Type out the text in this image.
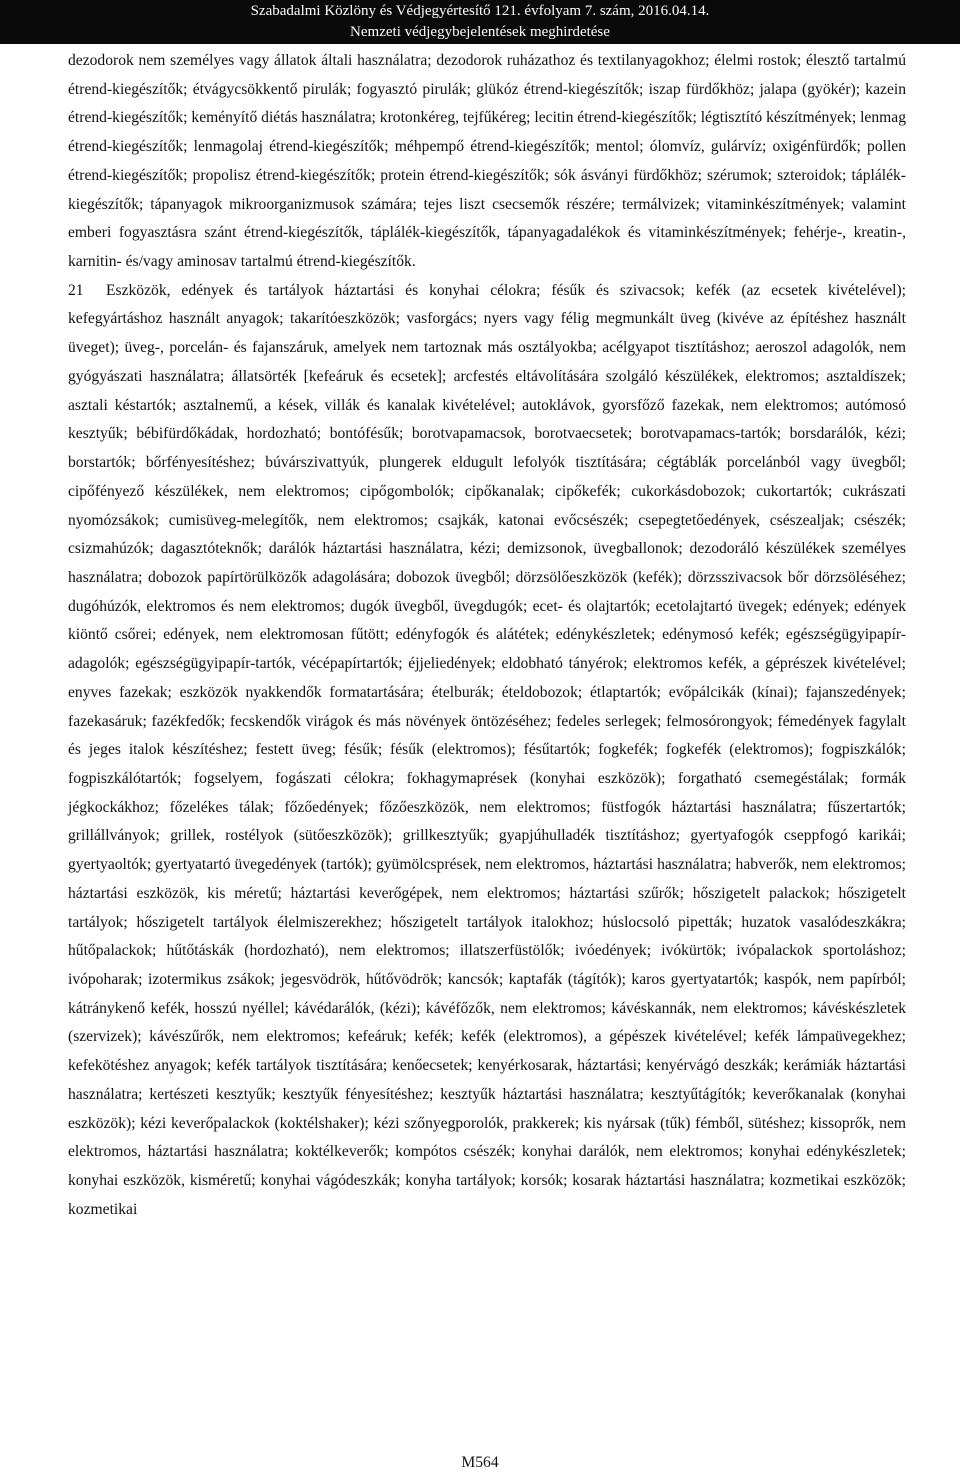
Szabadalmi Közlöny és Védjegyértesítő 121. évfolyam 7. szám, 2016.04.14.
Nemzeti védjegybejelentések meghirdetése

dezodorok nem személyes vagy állatok általi használatra; dezodorok ruházathoz és textilanyagokhoz; élelmi rostok; élesztő tartalmú étrend-kiegészítők; étvágycsökkentő pirulák; fogyasztó pirulák; glükóz étrend-kiegészítők; iszap fürdőkhöz; jalapa (gyökér); kazein étrend-kiegészítők; keményítő diétás használatra; krotonkéreg, tejfűkéreg; lecitin étrend-kiegészítők; légtisztító készítmények; lenmag étrend-kiegészítők; lenmagolaj étrend-kiegészítők; méhpempő étrend-kiegészítők; mentol; ólomvíz, gulárvíz; oxigénfürdők; pollen étrend-kiegészítők; propolisz étrend-kiegészítők; protein étrend-kiegészítők; sók ásványi fürdőkhöz; szérumok; szteroidok; táplálék-kiegészítők; tápanyagok mikroorganizmusok számára; tejes liszt csecsemők részére; termálvizek; vitaminkészítmények; valamint emberi fogyasztásra szánt étrend-kiegészítők, táplálék-kiegészítők, tápanyagadalékok és vitaminkészítmények; fehérje-, kreatin-, karnitin- és/vagy aminosav tartalmú étrend-kiegészítők.

21 Eszközök, edények és tartályok háztartási és konyhai célokra; fésűk és szivacsok; kefék (az ecsetek kivételével); kefegyártáshoz használt anyagok; takarítóeszközök; vasforgács; nyers vagy félig megmunkált üveg (kivéve az építéshez használt üveget); üveg-, porcelán- és fajanszáruk, amelyek nem tartoznak más osztályokba; acélgyapot tisztításhoz; aeroszol adagolók, nem gyógyászati használatra; állatsörték [kefeáruk és ecsetek]; arcfestés eltávolítására szolgáló készülékek, elektromos; asztaldíszek; asztali késtartók; asztalnemű, a kések, villák és kanalak kivételével; autoklávok, gyorsfőző fazekak, nem elektromos; autómosó kesztyűk; bébifürdőkádak, hordozható; bontófésűk; borotvapamacsok, borotvaecsetek; borotvapamacs-tartók; borsdarálók, kézi; borstartók; bőrfényesítéshez; búvárszivattyúk, plungerek eldugult lefolyók tisztítására; cégtáblák porcelánból vagy üvegből; cipőfényező készülékek, nem elektromos; cipőgombolók; cipőkanalak; cipőkefék; cukorkásdobozok; cukortartók; cukrászati nyomózsákok; cumisüveg-melegítők, nem elektromos; csajkák, katonai evőcsészék; csepegtetőedények, csészealjak; csészék; csizmahúzók; dagasztóteknők; darálók háztartási használatra, kézi; demizsonok, üvegballonok; dezodoráló készülékek személyes használatra; dobozok papírtörülközők adagolására; dobozok üvegből; dörzsölőeszközök (kefék); dörzsszivacsok bőr dörzsöléséhez; dugóhúzók, elektromos és nem elektromos; dugók üvegből, üvegdugók; ecet- és olajtartók; ecetolajtartó üvegek; edények; edények kiöntő csőrei; edények, nem elektromosan fűtött; edényfogók és alátétek; edénykészletek; edénymosó kefék; egészségügyipapír-adagolók; egészségügyipapír-tartók, vécépapírtartók; éjjeliedények; eldobható tányérok; elektromos kefék, a géprészek kivételével; enyves fazekak; eszközök nyakkendők formatartására; ételburák; ételdobozok; étlaptartók; evőpálcikák (kínai); fajanszedények; fazekasáruk; fazékfedők; fecskendők virágok és más növények öntözéséhez; fedeles serlegek; felmosórongyok; fémedények fagylalt és jeges italok készítéshez; festett üveg; fésűk; fésűk (elektromos); fésűtartók; fogkefék; fogkefék (elektromos); fogpiszkálók; fogpiszkálótartók; fogselyem, fogászati célokra; fokhagymaprések (konyhai eszközök); forgatható csemegéstálak; formák jégkockákhoz; főzelékes tálak; főzőedények; főzőeszközök, nem elektromos; füstfogók háztartási használatra; fűszertartók; grillállványok; grillek, rostélyok (sütőeszközök); grillkesztyűk; gyapjúhulladék tisztításhoz; gyertyafogók cseppfogó karikái; gyertyaoltók; gyertyatartó üvegedények (tartók); gyümölcsprések, nem elektromos, háztartási használatra; habverők, nem elektromos; háztartási eszközök, kis méretű; háztartási keverőgépek, nem elektromos; háztartási szűrők; hőszigetelt palackok; hőszigetelt tartályok; hőszigetelt tartályok élelmiszerekhez; hőszigetelt tartályok italokhoz; húslocsoló pipetták; huzatok vasalódeszkákra; hűtőpalackok; hűtőtáskák (hordozható), nem elektromos; illatszerfüstölők; ivóedények; ivókürtök; ivópalackok sportoláshoz; ivópoharak; izotermikus zsákok; jegesvödrök, hűtővödrök; kancsók; kaptafák (tágítók); karos gyertyatartók; kaspók, nem papírból; kátránykenő kefék, hosszú nyéllel; kávédarálók, (kézi); kávéfőzők, nem elektromos; kávéskannák, nem elektromos; kávéskészletek (szervizek); kávészűrők, nem elektromos; kefeáruk; kefék; kefék (elektromos), a gépészek kivételével; kefék lámpaüvegekhez; kefekötéshez anyagok; kefék tartályok tisztítására; kenőecsetek; kenyérkosarak, háztartási; kenyérvágó deszkák; kerámiák háztartási használatra; kertészeti kesztyűk; kesztyűk fényesítéshez; kesztyűk háztartási használatra; kesztyűtágítók; keverőkanalak (konyhai eszközök); kézi keverőpalackok (koktélshaker); kézi szőnyegporolók, prakkerek; kis nyársak (tűk) fémből, sütéshez; kissoprők, nem elektromos, háztartási használatra; koktélkeverők; kompótos csészék; konyhai darálók, nem elektromos; konyhai edénykészletek; konyhai eszközök, kisméretű; konyhai vágódeszkák; konyha tartályok; korsók; kosarak háztartási használatra; kozmetikai eszközök; kozmetikai

M564
